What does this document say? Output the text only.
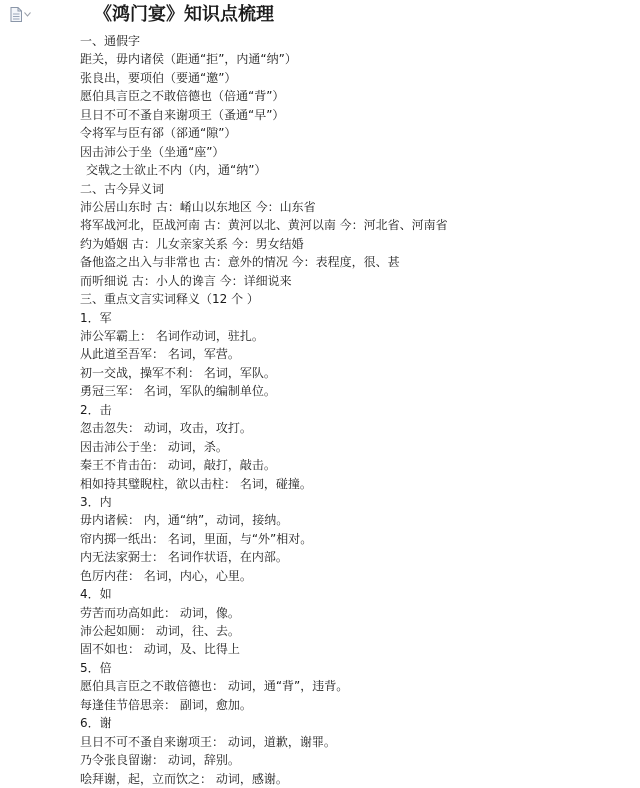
《鸿门宴》知识点梳理
一、通假字
距关，毋内诸侯（距通“拒”，内通“纳”）
张良出，要项伯（要通“邀”）
愿伯具言臣之不敢倍德也（倍通“背”）
旦日不可不蚤自来谢项王（蚤通“早”）
令将军与臣有郤（郤通“隙”）
因击沛公于坐（坐通“座”）
交戟之士欲止不内（内，通“纳”）
二、古今异义词
沛公居山东时 古：崤山以东地区 今：山东省
将军战河北，臣战河南 古：黄河以北、黄河以南 今：河北省、河南省
约为婚姻 古：儿女亲家关系 今：男女结婚
备他盗之出入与非常也 古：意外的情况 今：表程度，很、甚
而听细说 古：小人的谗言 今：详细说来
三、重点文言实词释义（12 个 ）
1．军
沛公军霸上： 名词作动词，驻扎。
从此道至吾军： 名词，军营。
初一交战，操军不利： 名词，军队。
勇冠三军： 名词，军队的编制单位。
2．击
忽击忽失： 动词，攻击，攻打。
因击沛公于坐： 动词，杀。
秦王不肯击缶： 动词，敲打，敲击。
相如持其璧睨柱，欲以击柱： 名词，碰撞。
3．内
毋内诸候： 内，通“纳”，动词，接纳。
帘内掷一纸出： 名词，里面，与“外”相对。
内无法家弼士： 名词作状语，在内部。
色厉内荏： 名词，内心，心里。
4．如
劳苦而功高如此： 动词，像。
沛公起如厕： 动词，往、去。
固不如也： 动词，及、比得上
5．倍
愿伯具言臣之不敢倍德也： 动词，通“背”，违背。
每逢佳节倍思亲： 副词，愈加。
6．谢
旦日不可不蚤自来谢项王： 动词，道歉，谢罪。
乃令张良留谢： 动词，辞别。
哙拜谢，起，立而饮之： 动词，感谢。
